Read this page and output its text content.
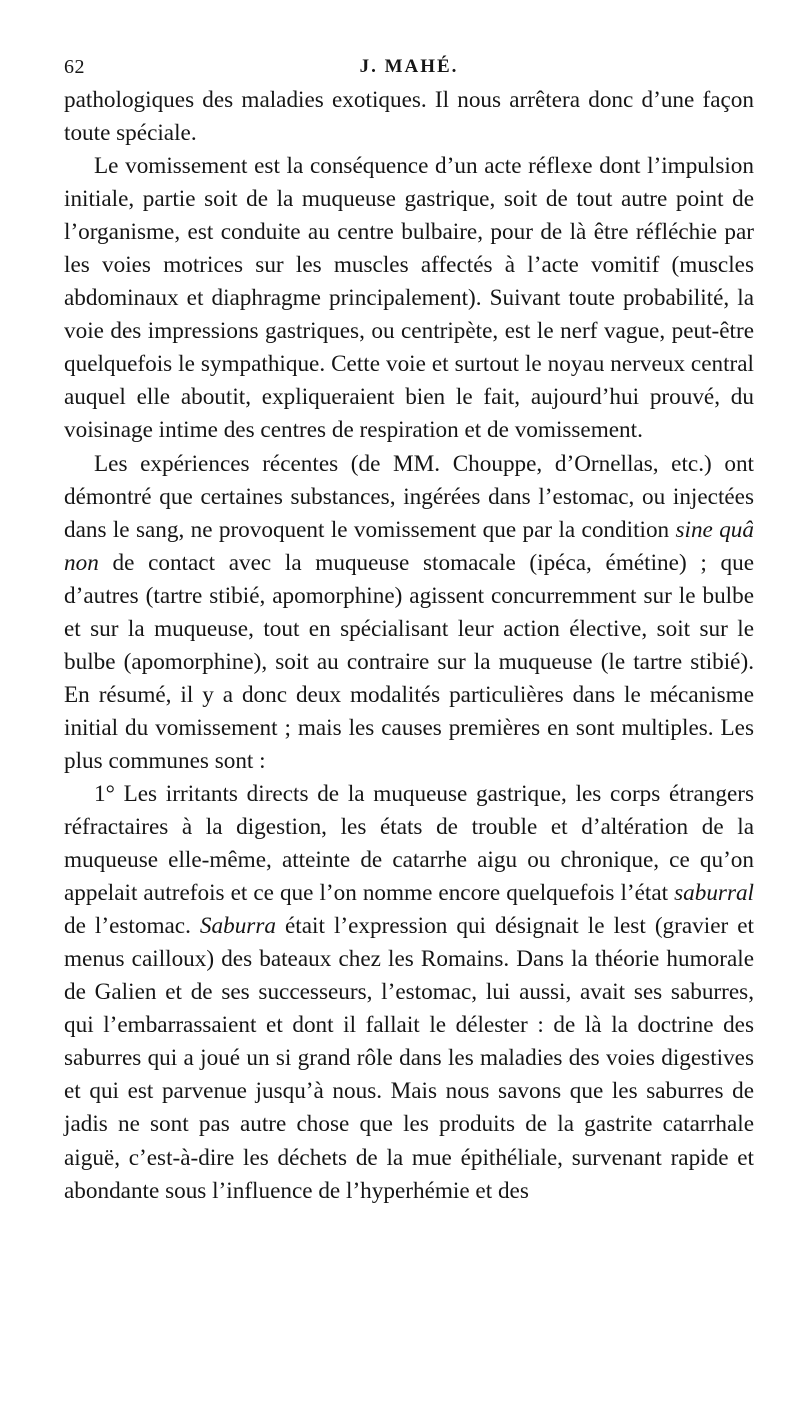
62	J. MAHÉ.

pathologiques des maladies exotiques. Il nous arrêtera donc d’une façon toute spéciale.

Le vomissement est la conséquence d’un acte réflexe dont l’impulsion initiale, partie soit de la muqueuse gastrique, soit de tout autre point de l’organisme, est conduite au centre bulbaire, pour de là être réfléchie par les voies motrices sur les muscles affectés à l’acte vomitif (muscles abdominaux et diaphragme principalement). Suivant toute probabilité, la voie des impressions gastriques, ou centripète, est le nerf vague, peut-être quelquefois le sympathique. Cette voie et surtout le noyau nerveux central auquel elle aboutit, expliqueraient bien le fait, aujourd’hui prouvé, du voisinage intime des centres de respiration et de vomissement.

Les expériences récentes (de MM. Chouppe, d’Ornellas, etc.) ont démontré que certaines substances, ingérées dans l’estomac, ou injectées dans le sang, ne provoquent le vomissement que par la condition sine quâ non de contact avec la muqueuse stomacale (ipéca, émétine) ; que d’autres (tartre stibié, apomorphine) agissent concurremment sur le bulbe et sur la muqueuse, tout en spécialisant leur action élective, soit sur le bulbe (apomorphine), soit au contraire sur la muqueuse (le tartre stibié). En résumé, il y a donc deux modalités particulières dans le mécanisme initial du vomissement ; mais les causes premières en sont multiples. Les plus communes sont :

1° Les irritants directs de la muqueuse gastrique, les corps étrangers réfractaires à la digestion, les états de trouble et d’altération de la muqueuse elle-même, atteinte de catarrhe aigu ou chronique, ce qu’on appelait autrefois et ce que l’on nomme encore quelquefois l’état saburral de l’estomac. Saburra était l’expression qui désignait le lest (gravier et menus cailloux) des bateaux chez les Romains. Dans la théorie humorale de Galien et de ses successeurs, l’estomac, lui aussi, avait ses saburres, qui l’embarrassaient et dont il fallait le délester : de là la doctrine des saburres qui a joué un si grand rôle dans les maladies des voies digestives et qui est parvenue jusqu’à nous. Mais nous savons que les saburres de jadis ne sont pas autre chose que les produits de la gastrite catarrhale aiguë, c’est-à-dire les déchets de la mue épithéliale, survenant rapide et abondante sous l’influence de l’hyperhémie et des
